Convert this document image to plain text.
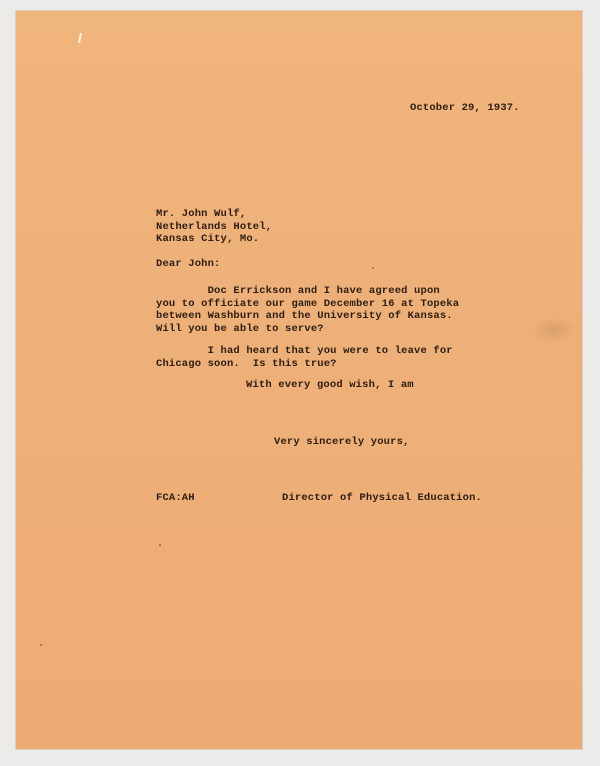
October 29, 1937.
Mr. John Wulf,
Netherlands Hotel,
Kansas City, Mo.
Dear John:
Doc Errickson and I have agreed upon
you to officiate our game December 16 at Topeka
between Washburn and the University of Kansas.
Will you be able to serve?
I had heard that you were to leave for
Chicago soon.  Is this true?
With every good wish, I am
Very sincerely yours,
FCA:AH	Director of Physical Education.
